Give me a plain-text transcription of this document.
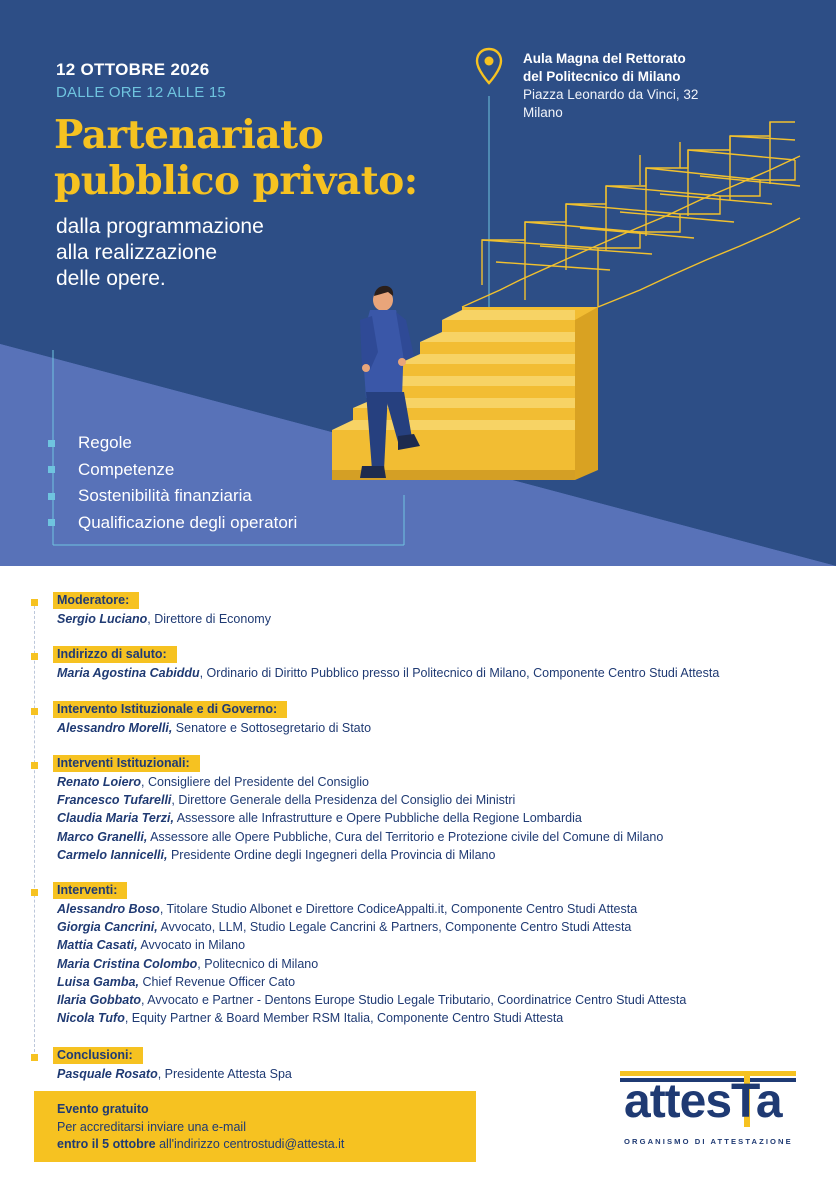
12 OTTOBRE 2026
DALLE ORE 12 ALLE 15
Partenariato
pubblico privato:
dalla programmazione
alla realizzazione
delle opere.
Aula Magna del Rettorato
del Politecnico di Milano
Piazza Leonardo da Vinci, 32
Milano
Regole
Competenze
Sostenibilità finanziaria
Qualificazione degli operatori
Moderatore:
Sergio Luciano, Direttore di Economy
Indirizzo di saluto:
Maria Agostina Cabiddu, Ordinario di Diritto Pubblico presso il Politecnico di Milano, Componente Centro Studi Attesta
Intervento Istituzionale e di Governo:
Alessandro Morelli, Senatore e Sottosegretario di Stato
Interventi Istituzionali:
Renato Loiero, Consigliere del Presidente del Consiglio
Francesco Tufarelli, Direttore Generale della Presidenza del Consiglio dei Ministri
Claudia Maria Terzi, Assessore alle Infrastrutture e Opere Pubbliche della Regione Lombardia
Marco Granelli, Assessore alle Opere Pubbliche, Cura del Territorio e Protezione civile del Comune di Milano
Carmelo Iannicelli, Presidente Ordine degli Ingegneri della Provincia di Milano
Interventi:
Alessandro Boso, Titolare Studio Albonet e Direttore CodiceAppalti.it, Componente Centro Studi Attesta
Giorgia Cancrini, Avvocato, LLM, Studio Legale Cancrini & Partners, Componente Centro Studi Attesta
Mattia Casati, Avvocato in Milano
Maria Cristina Colombo, Politecnico di Milano
Luisa Gamba, Chief Revenue Officer Cato
Ilaria Gobbato, Avvocato e Partner - Dentons Europe Studio Legale Tributario, Coordinatrice Centro Studi Attesta
Nicola Tufo, Equity Partner & Board Member RSM Italia, Componente Centro Studi Attesta
Conclusioni:
Pasquale Rosato, Presidente Attesta Spa
Evento gratuito
Per accreditarsi inviare una e-mail
entro il 5 ottobre all'indirizzo centrostudi@attesta.it
attesTa
ORGANISMO DI ATTESTAZIONE
